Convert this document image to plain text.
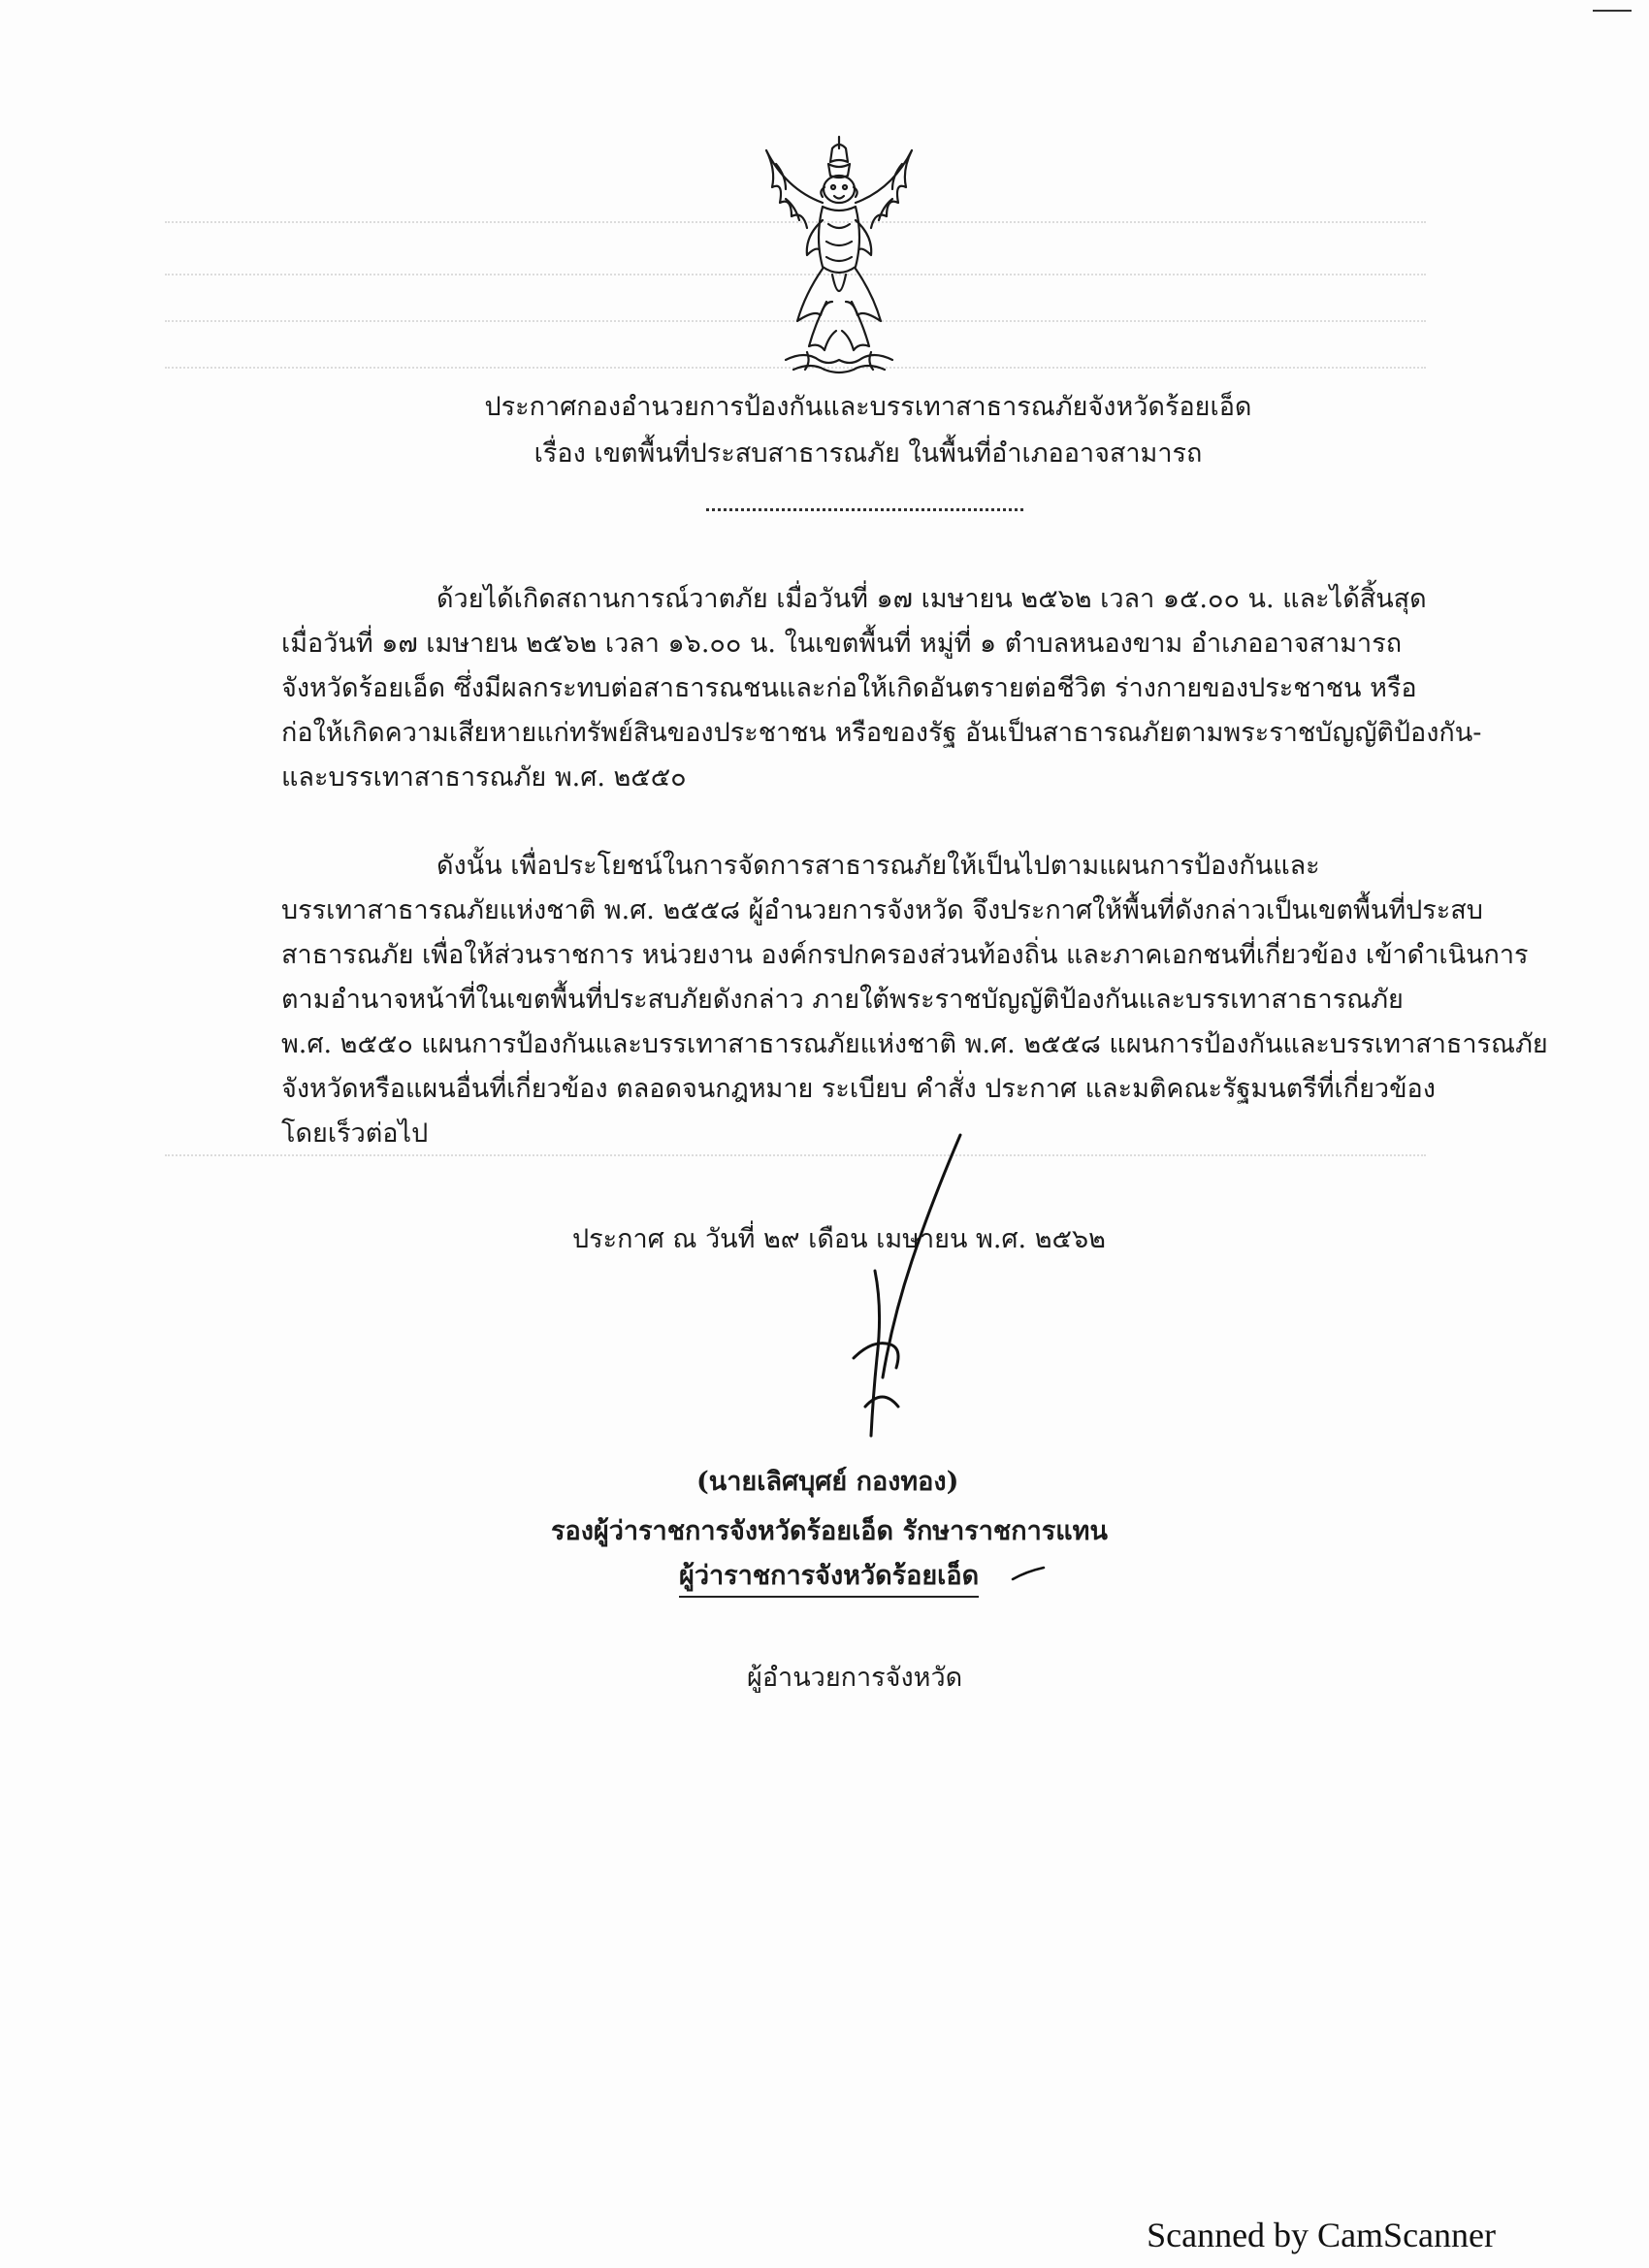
ประกาศกองอำนวยการป้องกันและบรรเทาสาธารณภัยจังหวัดร้อยเอ็ด
เรื่อง เขตพื้นที่ประสบสาธารณภัย ในพื้นที่อำเภออาจสามารถ
ด้วยได้เกิดสถานการณ์วาตภัย เมื่อวันที่ ๑๗ เมษายน ๒๕๖๒ เวลา ๑๕.๐๐ น. และได้สิ้นสุด
เมื่อวันที่ ๑๗ เมษายน ๒๕๖๒ เวลา ๑๖.๐๐ น. ในเขตพื้นที่ หมู่ที่ ๑ ตำบลหนองขาม อำเภออาจสามารถ
จังหวัดร้อยเอ็ด ซึ่งมีผลกระทบต่อสาธารณชนและก่อให้เกิดอันตรายต่อชีวิต ร่างกายของประชาชน หรือ
ก่อให้เกิดความเสียหายแก่ทรัพย์สินของประชาชน หรือของรัฐ อันเป็นสาธารณภัยตามพระราชบัญญัติป้องกัน-
และบรรเทาสาธารณภัย พ.ศ. ๒๕๕๐
ดังนั้น เพื่อประโยชน์ในการจัดการสาธารณภัยให้เป็นไปตามแผนการป้องกันและ
บรรเทาสาธารณภัยแห่งชาติ พ.ศ. ๒๕๕๘ ผู้อำนวยการจังหวัด จึงประกาศให้พื้นที่ดังกล่าวเป็นเขตพื้นที่ประสบ
สาธารณภัย เพื่อให้ส่วนราชการ หน่วยงาน องค์กรปกครองส่วนท้องถิ่น และภาคเอกชนที่เกี่ยวข้อง เข้าดำเนินการ
ตามอำนาจหน้าที่ในเขตพื้นที่ประสบภัยดังกล่าว ภายใต้พระราชบัญญัติป้องกันและบรรเทาสาธารณภัย
พ.ศ. ๒๕๕๐ แผนการป้องกันและบรรเทาสาธารณภัยแห่งชาติ พ.ศ. ๒๕๕๘ แผนการป้องกันและบรรเทาสาธารณภัย
จังหวัดหรือแผนอื่นที่เกี่ยวข้อง ตลอดจนกฎหมาย ระเบียบ คำสั่ง ประกาศ และมติคณะรัฐมนตรีที่เกี่ยวข้อง
โดยเร็วต่อไป
ประกาศ ณ วันที่ ๒๙ เดือน เมษายน พ.ศ. ๒๕๖๒
(นายเลิศบุศย์ กองทอง)
รองผู้ว่าราชการจังหวัดร้อยเอ็ด รักษาราชการแทน
ผู้ว่าราชการจังหวัดร้อยเอ็ด
ผู้อำนวยการจังหวัด
Scanned by CamScanner
